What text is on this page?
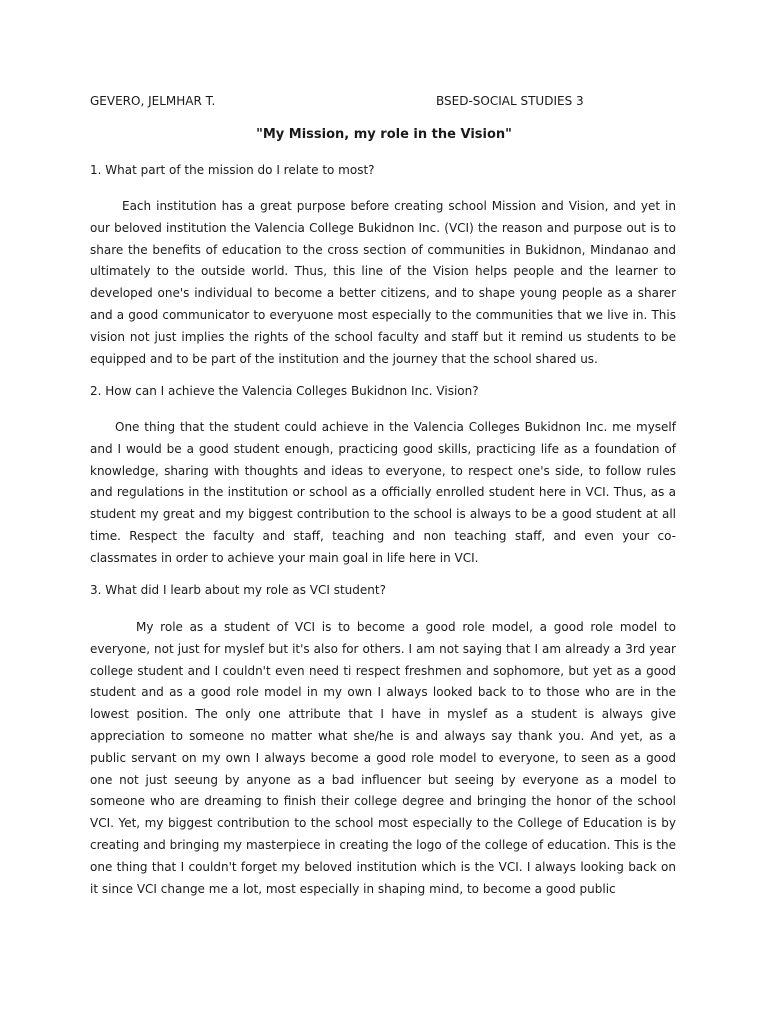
GEVERO, JELMHAR T.	BSED-SOCIAL STUDIES 3
"My Mission, my role in the Vision"
1. What part of the mission do I relate to most?
Each institution has a great purpose before creating school Mission and Vision, and yet in our beloved institution the Valencia College Bukidnon Inc. (VCI) the reason and purpose out is to share the benefits of education to the cross section of communities in Bukidnon, Mindanao and ultimately to the outside world. Thus, this line of the Vision helps people and the learner to developed one's individual to become a better citizens, and to shape young people as a sharer and a good communicator to everyuone most especially to the communities that we live in. This vision not just implies the rights of the school faculty and staff but it remind us students to be equipped and to be part of the institution and the journey that the school shared us.
2. How can I achieve the Valencia Colleges Bukidnon Inc. Vision?
One thing that the student could achieve in the Valencia Colleges Bukidnon Inc. me myself and I would be a good student enough, practicing good skills, practicing life as a foundation of knowledge, sharing with thoughts and ideas to everyone, to respect one's side, to follow rules and regulations in the institution or school as a officially enrolled student here in VCI. Thus, as a student my great and my biggest contribution to the school is always to be a good student at all time. Respect the faculty and staff, teaching and non teaching staff, and even your co-classmates in order to achieve your main goal in life here in VCI.
3. What did I learb about my role as VCI student?
My role as a student of VCI is to become a good role model, a good role model to everyone, not just for myslef but it's also for others. I am not saying that I am already a 3rd year college student and I couldn't even need ti respect freshmen and sophomore, but yet as a good student and as a good role model in my own I always looked back to to those who are in the lowest position. The only one attribute that I have in myslef as a student is always give appreciation to someone no matter what she/he is and always say thank you. And yet, as a public servant on my own I always become a good role model to everyone, to seen as a good one not just seeung by anyone as a bad influencer but seeing by everyone as a model to someone who are dreaming to finish their college degree and bringing the honor of the school VCI. Yet, my biggest contribution to the school most especially to the College of Education is by creating and bringing my masterpiece in creating the logo of the college of education. This is the one thing that I couldn't forget my beloved institution which is the VCI. I always looking back on it since VCI change me a lot, most especially in shaping mind, to become a good public
